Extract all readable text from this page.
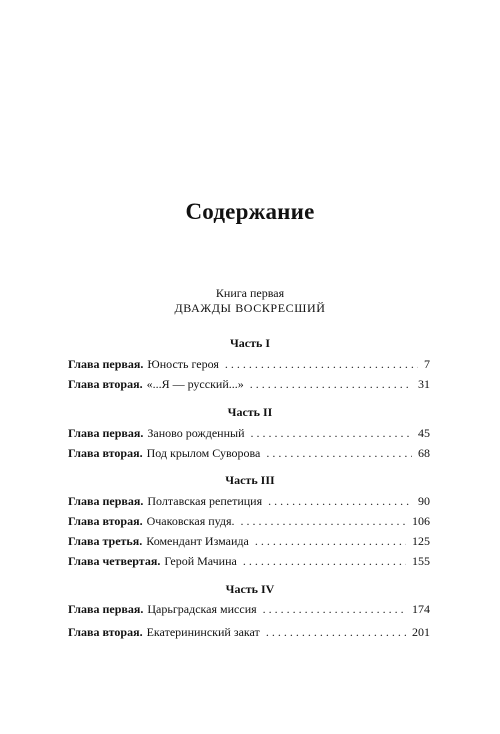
Содержание
Книга первая
ДВАЖДЫ ВОСКРЕСШИЙ
Часть I
Глава первая. Юность героя . . .	7
Глава вторая. «...Я — русский...» . . .	31
Часть II
Глава первая. Заново рожденный . . .	45
Глава вторая. Под крылом Суворова . . .	68
Часть III
Глава первая. Полтавская репетиция . . .	90
Глава вторая. Очаковская пудя. . . .	106
Глава третья. Комендант Измаида . . .	125
Глава четвертая. Герой Мачина . . .	155
Часть IV
Глава первая. Царьградская миссия . . .	174
Глава вторая. Екатерининский закат . . .	201
